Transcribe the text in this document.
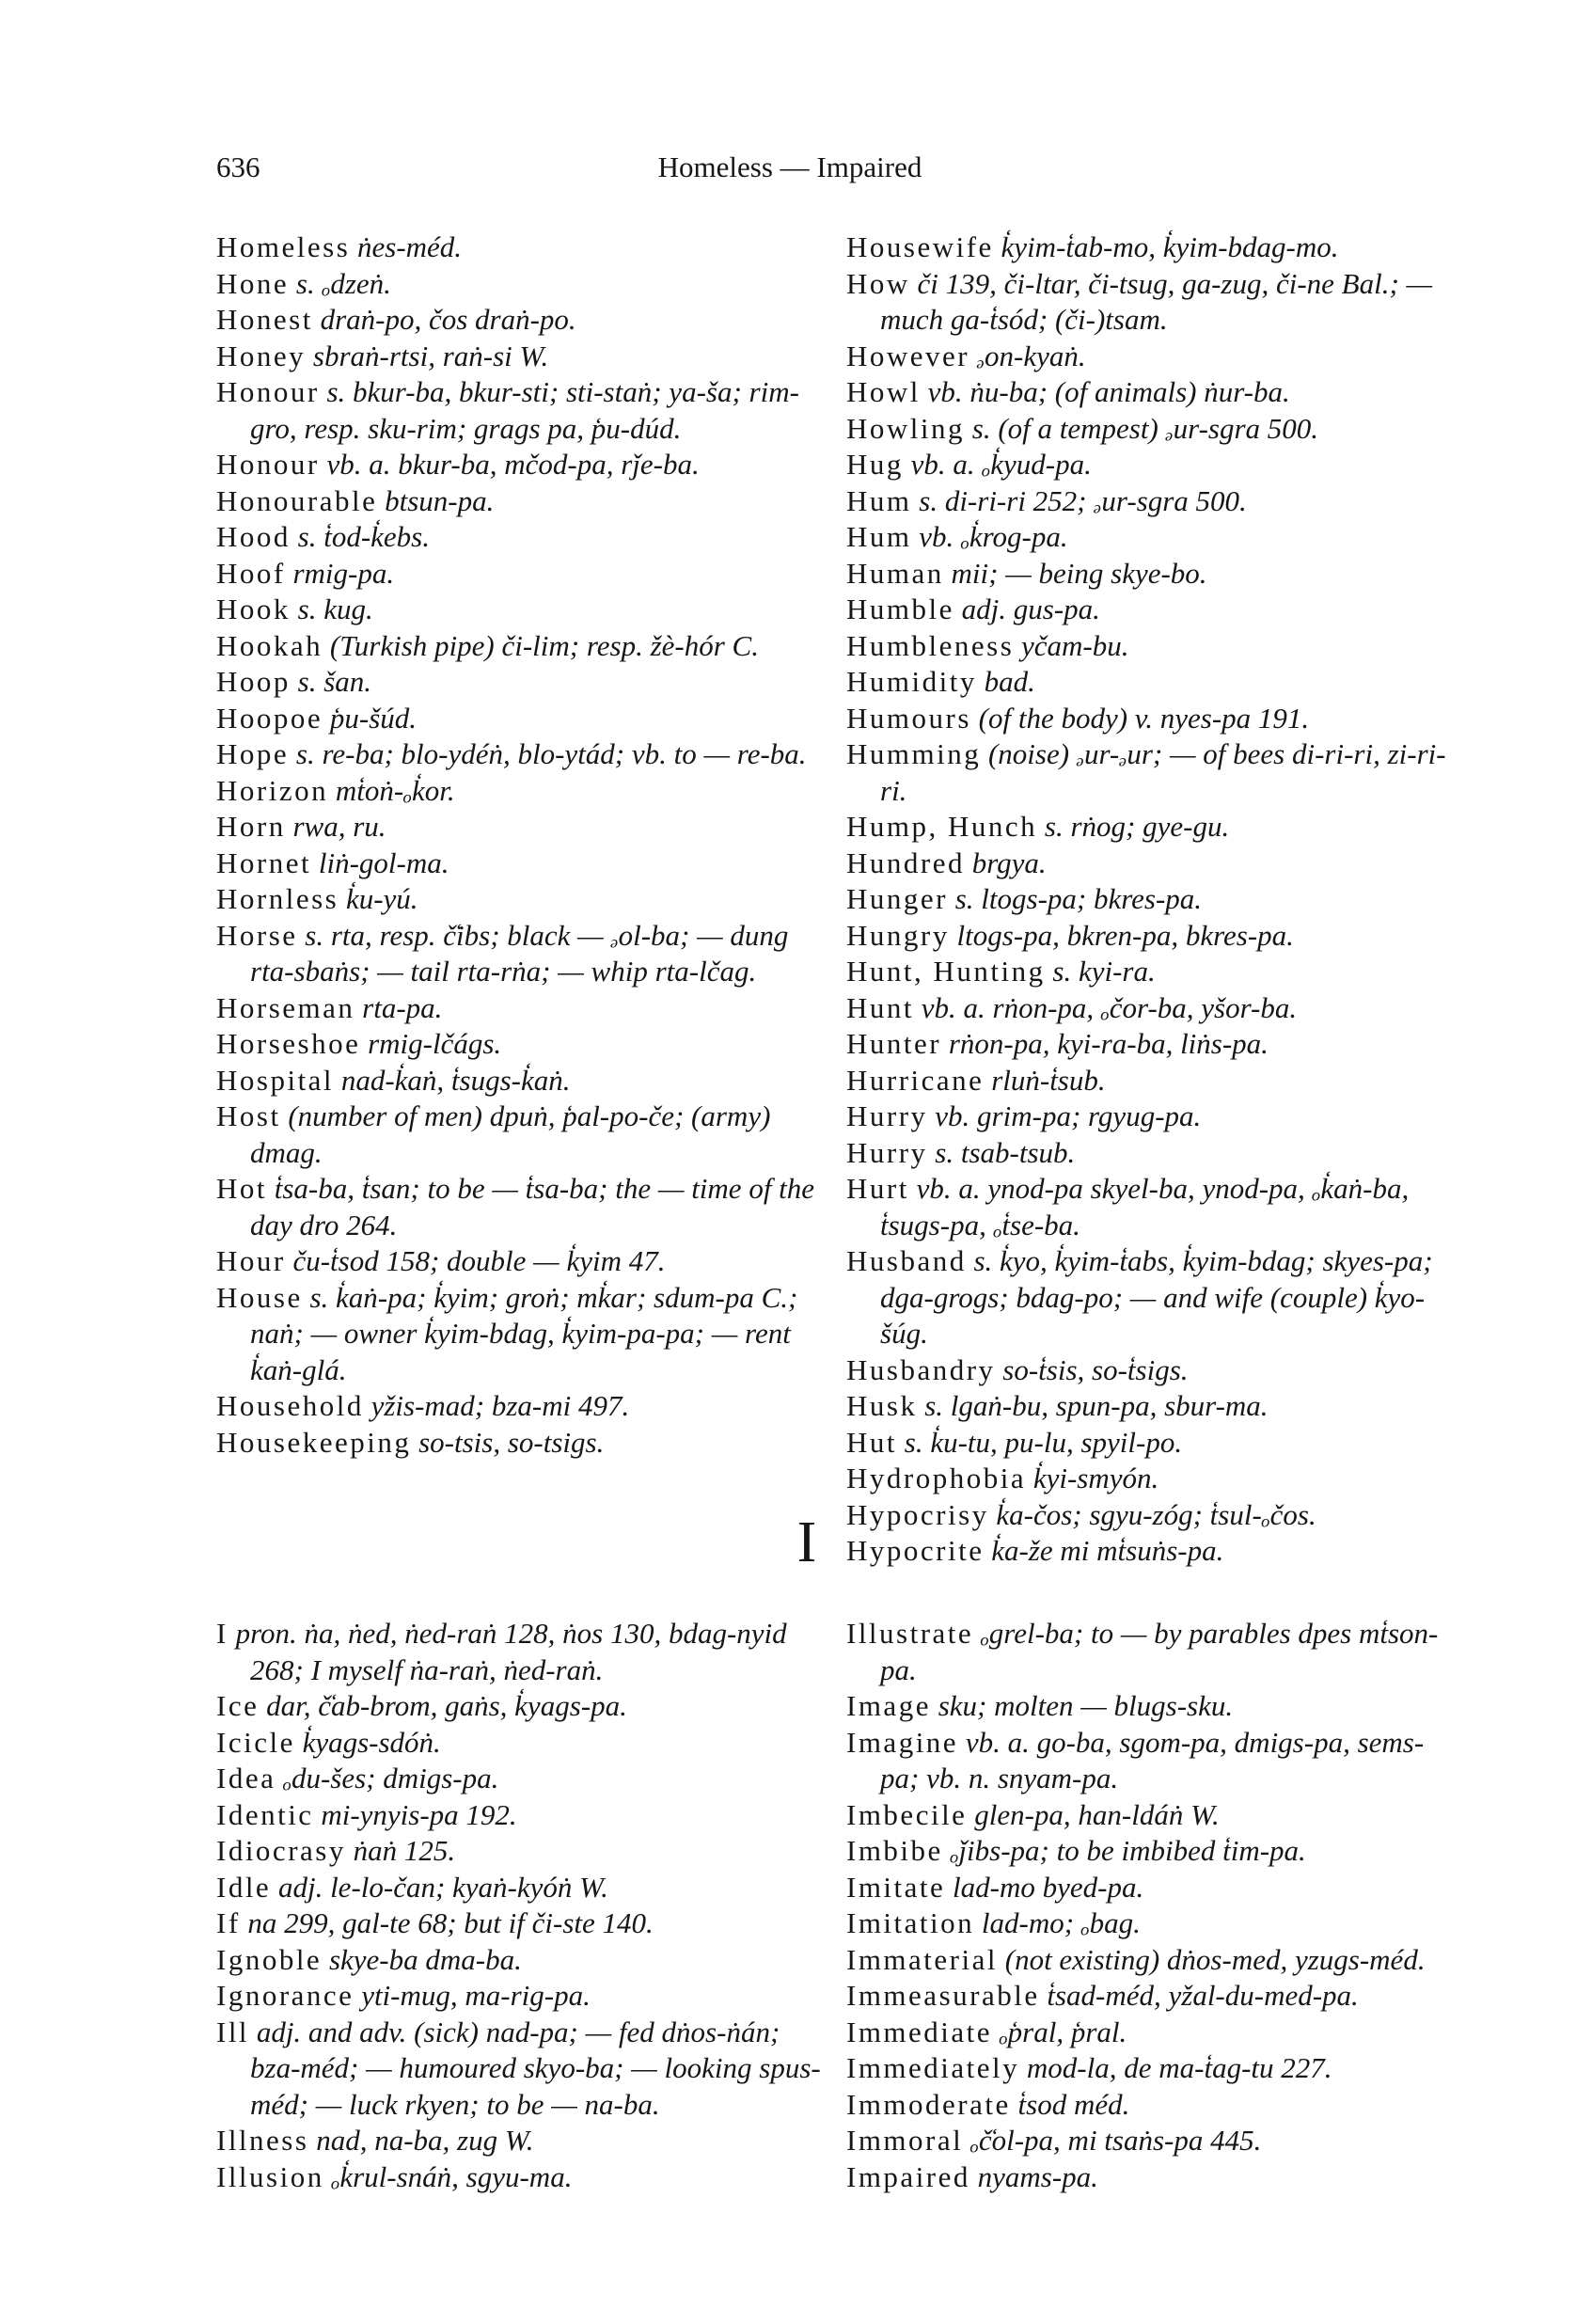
636	Homeless — Impaired

Homeless ṅes-méd.

Hone s. ₒdzeṅ.

Honest draṅ-po, čos draṅ-po.

Honey sbraṅ-rtsi, raṅ-si W.

Honour s. bkur-ba, bkur-sti; sti-staṅ; ya-ša; rim-gro, resp. sku-rim; grags pa, p̒u-dúd.

Honour vb. a. bkur-ba, mčod-pa, rǰe-ba.

Honourable btsun-pa.

Hood s. t̒od-k̒ebs.

Hoof rmig-pa.

Hook s. kug.

Hookah (Turkish pipe) či-lim; resp. žè-hór C.

Hoop s. šan.

Hoopoe p̒u-šúd.

Hope s. re-ba; blo-ydéṅ, blo-ytád; vb. to — re-ba.

Horizon mt̒oṅ-ₒk̒or.

Horn rwa, ru.

Hornet liṅ-gol-ma.

Hornless k̒u-yú.

Horse s. rta, resp. č̒ibs; black — ₔol-ba; — dung rta-sbaṅs; — tail rta-rṅa; — whip rta-lčag.

Horseman rta-pa.

Horseshoe rmig-lčágs.

Hospital nad-k̒aṅ, t̒sugs-k̒aṅ.

Host (number of men) dpuṅ, p̒al-po-če; (army) dmag.

Hot t̒sa-ba, t̒san; to be — t̒sa-ba; the — time of the day dro 264.

Hour ču-t̒sod 158; double — k̒yim 47.

House s. k̒aṅ-pa; k̒yim; groṅ; mk̒ar; sdum-pa C.; naṅ; — owner k̒yim-bdag, k̒yim-pa-pa; — rent k̒aṅ-glá.

Household yžis-mad; bza-mi 497.

Housekeeping so-tsis, so-tsigs.

Housewife k̒yim-t̒ab-mo, k̒yim-bdag-mo.

How či 139, či-ltar, či-tsug, ga-zug, či-ne Bal.; — much ga-t̒sód; (či-)tsam.

However ₔon-kyaṅ.

Howl vb. ṅu-ba; (of animals) ṅur-ba.

Howling s. (of a tempest) ₔur-sgra 500.

Hug vb. a. ₒk̒yud-pa.

Hum s. di-ri-ri 252; ₔur-sgra 500.

Hum vb. ₒk̒rog-pa.

Human mii; — being skye-bo.

Humble adj. gus-pa.

Humbleness yčam-bu.

Humidity bad.

Humours (of the body) v. nyes-pa 191.

Humming (noise) ₔur-ₔur; — of bees di-ri-ri, zi-ri-ri.

Hump, Hunch s. rṅog; gye-gu.

Hundred brgya.

Hunger s. ltogs-pa; bkres-pa.

Hungry ltogs-pa, bkren-pa, bkres-pa.

Hunt, Hunting s. kyi-ra.

Hunt vb. a. rṅon-pa, ₒčor-ba, yšor-ba.

Hunter rṅon-pa, kyi-ra-ba, liṅs-pa.

Hurricane rluṅ-t̒sub.

Hurry vb. grim-pa; rgyug-pa.

Hurry s. tsab-tsub.

Hurt vb. a. ynod-pa skyel-ba, ynod-pa, ₒk̒aṅ-ba, t̒sugs-pa, ₒt̒se-ba.

Husband s. k̒yo, k̒yim-t̒abs, k̒yim-bdag; skyes-pa; dga-grogs; bdag-po; — and wife (couple) k̒yo-šúg.

Husbandry so-t̒sis, so-t̒sigs.

Husk s. lgaṅ-bu, spun-pa, sbur-ma.

Hut s. k̒u-tu, pu-lu, spyil-po.

Hydrophobia k̒yi-smyón.

Hypocrisy k̒a-čos; sgyu-zóg; t̒sul-ₒčos.

Hypocrite k̒a-že mi mt̒suṅs-pa.

I

I pron. ṅa, ṅed, ṅed-raṅ 128, ṅos 130, bdag-nyid 268; I myself ṅa-raṅ, ṅed-raṅ.

Ice dar, č̒ab-brom, gaṅs, k̒yags-pa.

Icicle k̒yags-sdóṅ.

Idea ₒdu-šes; dmigs-pa.

Identic mi-ynyis-pa 192.

Idiocrasy ṅaṅ 125.

Idle adj. le-lo-čan; kyaṅ-kyóṅ W.

If na 299, gal-te 68; but if či-ste 140.

Ignoble skye-ba dma-ba.

Ignorance yti-mug, ma-rig-pa.

Ill adj. and adv. (sick) nad-pa; — fed dṅos-ṅán; bza-méd; — humoured skyo-ba; — looking spus-méd; — luck rkyen; to be — na-ba.

Illness nad, na-ba, zug W.

Illusion ₒk̒rul-snáṅ, sgyu-ma.

Illustrate ₒgrel-ba; to — by parables dpes mt̒son-pa.

Image sku; molten — blugs-sku.

Imagine vb. a. go-ba, sgom-pa, dmigs-pa, sems-pa; vb. n. snyam-pa.

Imbecile glen-pa, han-ldáṅ W.

Imbibe ₒǰibs-pa; to be imbibed t̒im-pa.

Imitate lad-mo byed-pa.

Imitation lad-mo; ₒbag.

Immaterial (not existing) dṅos-med, yzugs-méd.

Immeasurable t̒sad-méd, yžal-du-med-pa.

Immediate ₒp̒ral, p̒ral.

Immediately mod-la, de ma-t̒ag-tu 227.

Immoderate t̒sod méd.

Immoral ₒč̒ol-pa, mi tsaṅs-pa 445.

Impaired nyams-pa.
